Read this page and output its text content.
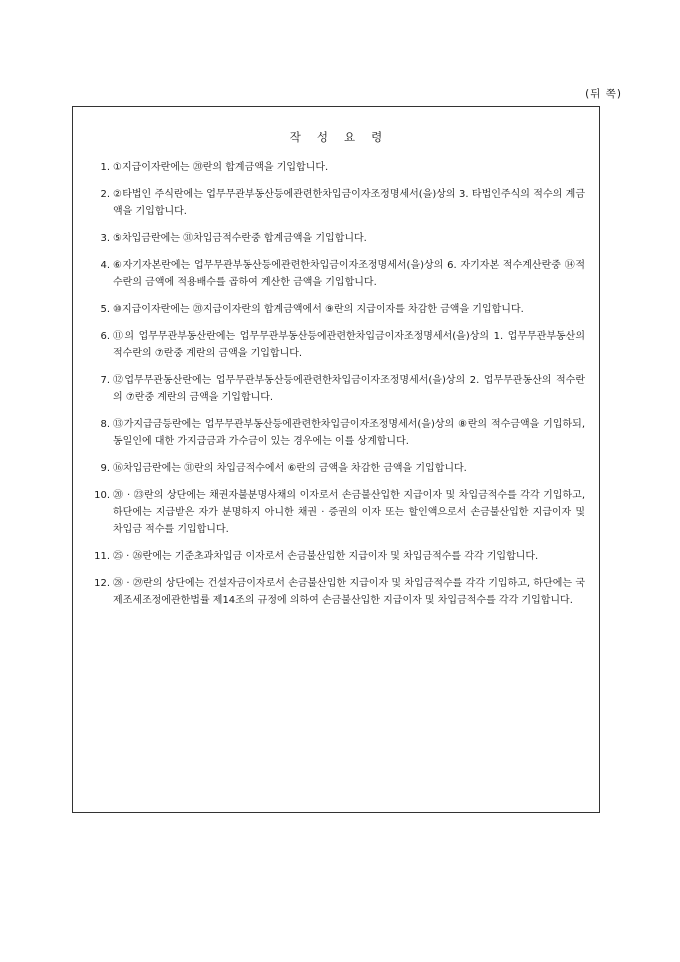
(뒤 쪽)
작성요령
1. ①지급이자란에는 ⑳란의 합계금액을 기입합니다.
2. ②타법인 주식란에는 업무무관부동산등에관련한차입금이자조정명세서(을)상의 3. 타법인주식의 적수의 계금액을 기입합니다.
3. ⑤차입금란에는 ㉛차입금적수란중 합계금액을 기입합니다.
4. ⑥자기자본란에는 업무무관부동산등에관련한차입금이자조정명세서(을)상의 6. 자기자본 적수계산란중 ⑭적수란의 금액에 적용배수를 곱하여 계산한 금액을 기입합니다.
5. ⑩지급이자란에는 ⑳지급이자란의 합계금액에서 ⑨란의 지급이자를 차감한 금액을 기입합니다.
6. ⑪의 업무무관부동산란에는 업무무관부동산등에관련한차입금이자조정명세서(을)상의 1. 업무무관부동산의 적수란의 ⑦란중 계란의 금액을 기입합니다.
7. ⑫업무무관동산란에는 업무무관부동산등에관련한차입금이자조정명세서(을)상의 2. 업무무관동산의 적수란의 ⑦란중 계란의 금액을 기입합니다.
8. ⑬가지급금등란에는 업무무관부동산등에관련한차입금이자조정명세서(을)상의 ⑧란의 적수금액을 기입하되, 동일인에 대한 가지급금과 가수금이 있는 경우에는 이를 상계합니다.
9. ⑯차입금란에는 ㉛란의 차입금적수에서 ⑥란의 금액을 차감한 금액을 기입합니다.
10. ⑳ · ㉓란의 상단에는 채권자불분명사채의 이자로서 손금불산입한 지급이자 및 차입금적수를 각각 기입하고, 하단에는 지급받은 자가 분명하지 아니한 채권 · 증권의 이자 또는 할인액으로서 손금불산입한 지급이자 및 차입금 적수를 기입합니다.
11. ㉕ · ㉖란에는 기준초과차입금 이자로서 손금불산입한 지급이자 및 차입금적수를 각각 기입합니다.
12. ㉘ · ㉙란의 상단에는 건설자금이자로서 손금불산입한 지급이자 및 차입금적수를 각각 기입하고, 하단에는 국제조세조정에관한법률 제14조의 규정에 의하여 손금불산입한 지급이자 및 차입금적수를 각각 기입합니다.
